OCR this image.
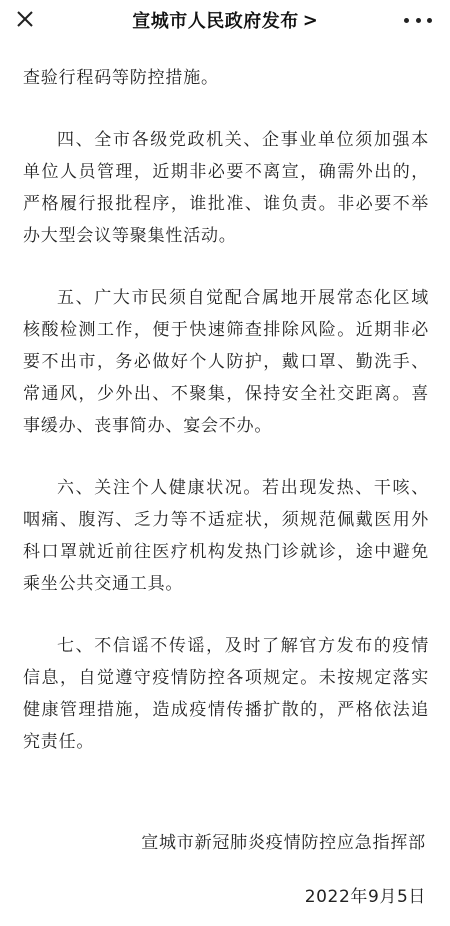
宣城市人民政府发布 >

查验行程码等防控措施。

四、全市各级党政机关、企事业单位须加强本单位人员管理，近期非必要不离宣，确需外出的，严格履行报批程序，谁批准、谁负责。非必要不举办大型会议等聚集性活动。

五、广大市民须自觉配合属地开展常态化区域核酸检测工作，便于快速筛查排除风险。近期非必要不出市，务必做好个人防护，戴口罩、勤洗手、常通风，少外出、不聚集，保持安全社交距离。喜事缓办、丧事简办、宴会不办。

六、关注个人健康状况。若出现发热、干咳、咽痛、腹泻、乏力等不适症状，须规范佩戴医用外科口罩就近前往医疗机构发热门诊就诊，途中避免乘坐公共交通工具。

七、不信谣不传谣，及时了解官方发布的疫情信息，自觉遵守疫情防控各项规定。未按规定落实健康管理措施，造成疫情传播扩散的，严格依法追究责任。

宣城市新冠肺炎疫情防控应急指挥部
2022年9月5日
